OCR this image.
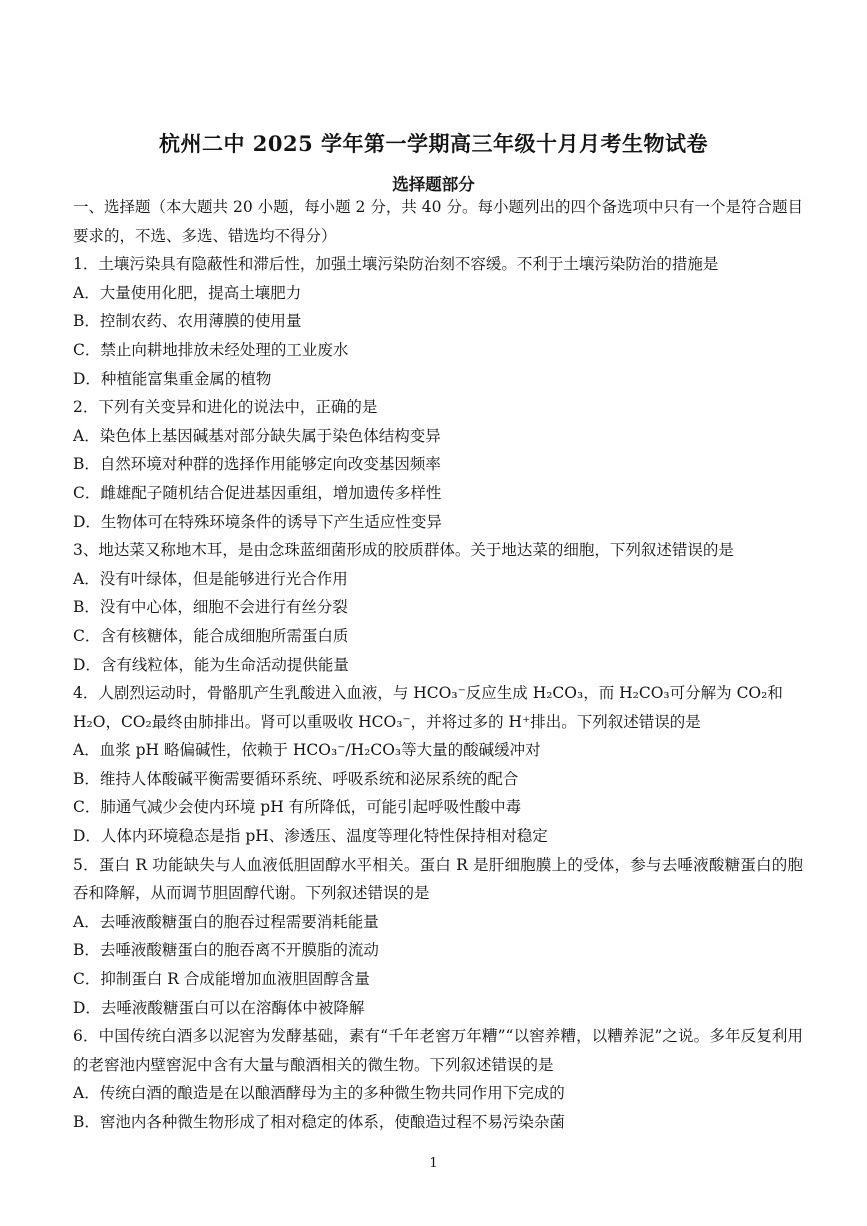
杭州二中 2025 学年第一学期高三年级十月月考生物试卷
选择题部分
一、选择题（本大题共 20 小题，每小题 2 分，共 40 分。每小题列出的四个备选项中只有一个是符合题目要求的，不选、多选、错选均不得分）
1．土壤污染具有隐蔽性和滞后性，加强土壤污染防治刻不容缓。不利于土壤污染防治的措施是
A．大量使用化肥，提高土壤肥力
B．控制农药、农用薄膜的使用量
C．禁止向耕地排放未经处理的工业废水
D．种植能富集重金属的植物
2．下列有关变异和进化的说法中，正确的是
A．染色体上基因碱基对部分缺失属于染色体结构变异
B．自然环境对种群的选择作用能够定向改变基因频率
C．雌雄配子随机结合促进基因重组，增加遗传多样性
D．生物体可在特殊环境条件的诱导下产生适应性变异
3、地达菜又称地木耳，是由念珠蓝细菌形成的胶质群体。关于地达菜的细胞，下列叙述错误的是
A．没有叶绿体，但是能够进行光合作用
B．没有中心体，细胞不会进行有丝分裂
C．含有核糖体，能合成细胞所需蛋白质
D．含有线粒体，能为生命活动提供能量
4．人剧烈运动时，骨骼肌产生乳酸进入血液，与 HCO₃⁻反应生成 H₂CO₃，而 H₂CO₃可分解为 CO₂和
H₂O，CO₂最终由肺排出。肾可以重吸收 HCO₃⁻，并将过多的 H⁺排出。下列叙述错误的是
A．血浆 pH 略偏碱性，依赖于 HCO₃⁻/H₂CO₃等大量的酸碱缓冲对
B．维持人体酸碱平衡需要循环系统、呼吸系统和泌尿系统的配合
C．肺通气减少会使内环境 pH 有所降低，可能引起呼吸性酸中毒
D．人体内环境稳态是指 pH、渗透压、温度等理化特性保持相对稳定
5．蛋白 R 功能缺失与人血液低胆固醇水平相关。蛋白 R 是肝细胞膜上的受体，参与去唾液酸糖蛋白的胞吞和降解，从而调节胆固醇代谢。下列叙述错误的是
A．去唾液酸糖蛋白的胞吞过程需要消耗能量
B．去唾液酸糖蛋白的胞吞离不开膜脂的流动
C．抑制蛋白 R 合成能增加血液胆固醇含量
D．去唾液酸糖蛋白可以在溶酶体中被降解
6．中国传统白酒多以泥窖为发酵基础，素有“千年老窖万年糟”“以窖养糟，以糟养泥”之说。多年反复利用的老窖池内壁窖泥中含有大量与酿酒相关的微生物。下列叙述错误的是
A．传统白酒的酿造是在以酿酒酵母为主的多种微生物共同作用下完成的
B．窖池内各种微生物形成了相对稳定的体系，使酿造过程不易污染杂菌
1
